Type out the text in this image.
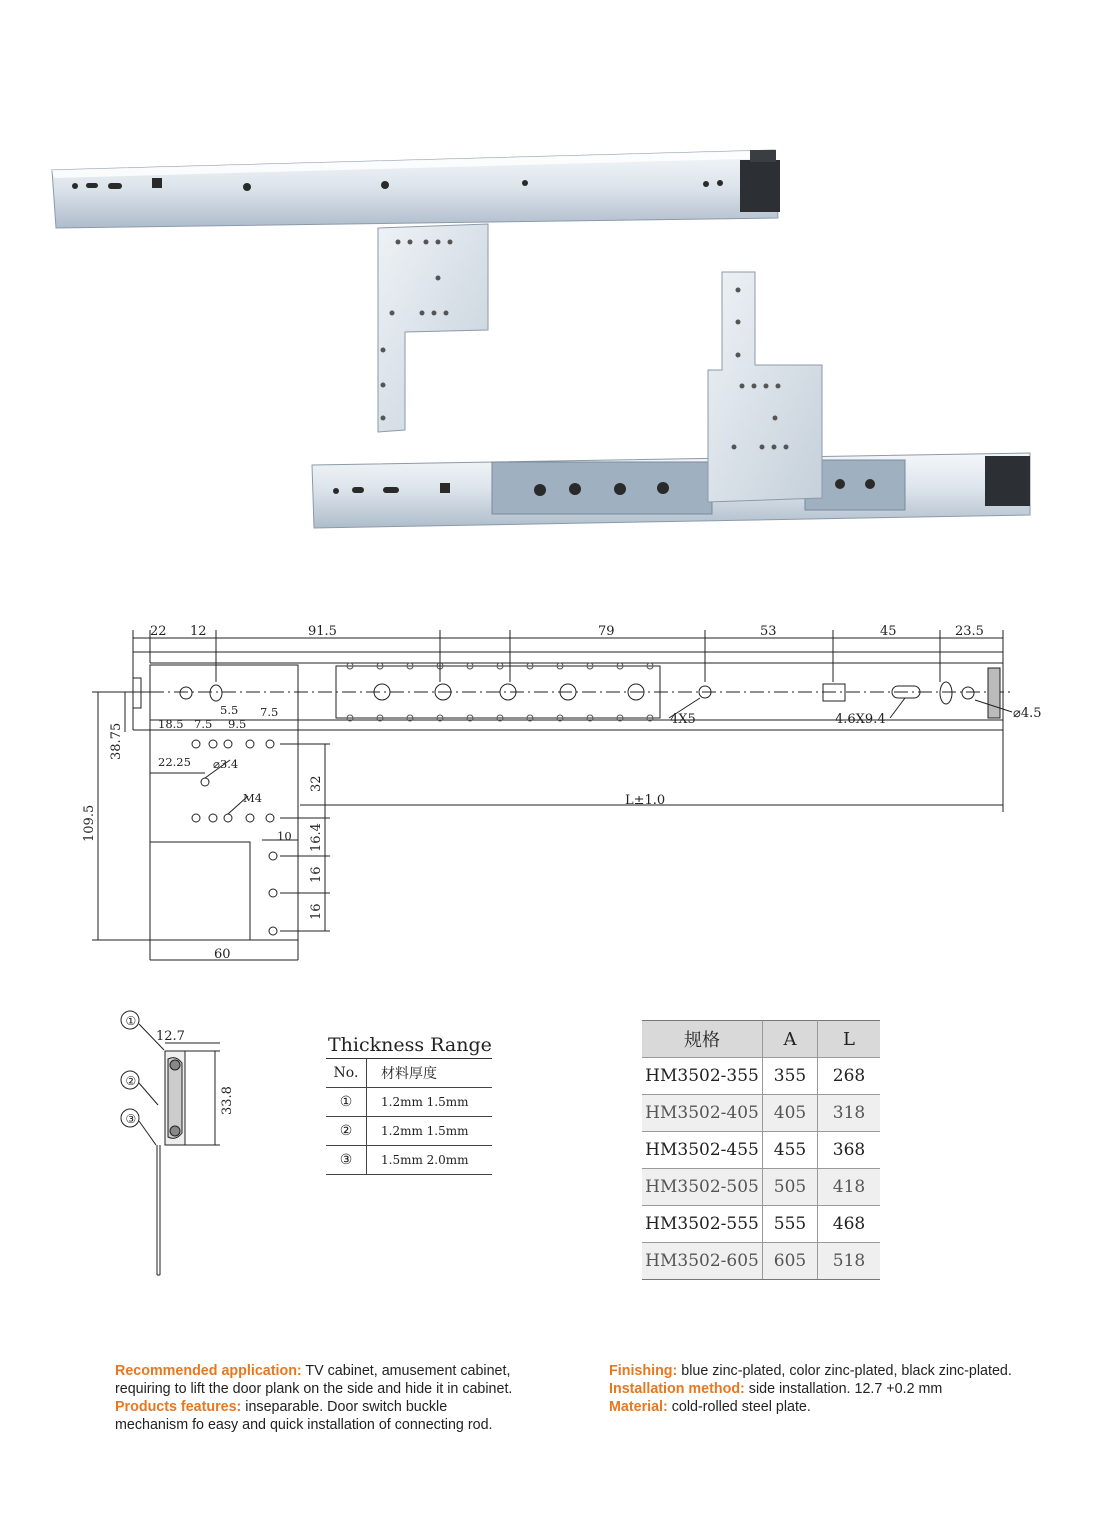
22 12	91.5	79	53	45	23.5
4X5	4.6X9.4	⌀4.5
L±1.0
38.75
109.5
32
16.4
16
16
18.5 7.5
5.5
9.5
7.5
22.25 ⌀3.4
M4
10
60
①
②
③
12.7
33.8
Thickness Range
No.	材料厚度
①	1.2mm 1.5mm
②	1.2mm 1.5mm
③	1.5mm 2.0mm
规格	A	L
HM3502-355	355	268
HM3502-405	405	318
HM3502-455	455	368
HM3502-505	505	418
HM3502-555	555	468
HM3502-605	605	518
Recommended application: TV cabinet, amusement cabinet,
requiring to lift the door plank on the side and hide it in cabinet.
Products features: inseparable. Door switch buckle
mechanism fo easy and quick installation of connecting rod.
Finishing: blue zinc-plated, color zinc-plated, black zinc-plated.
Installation method: side installation. 12.7 +0.2 mm
Material: cold-rolled steel plate.
